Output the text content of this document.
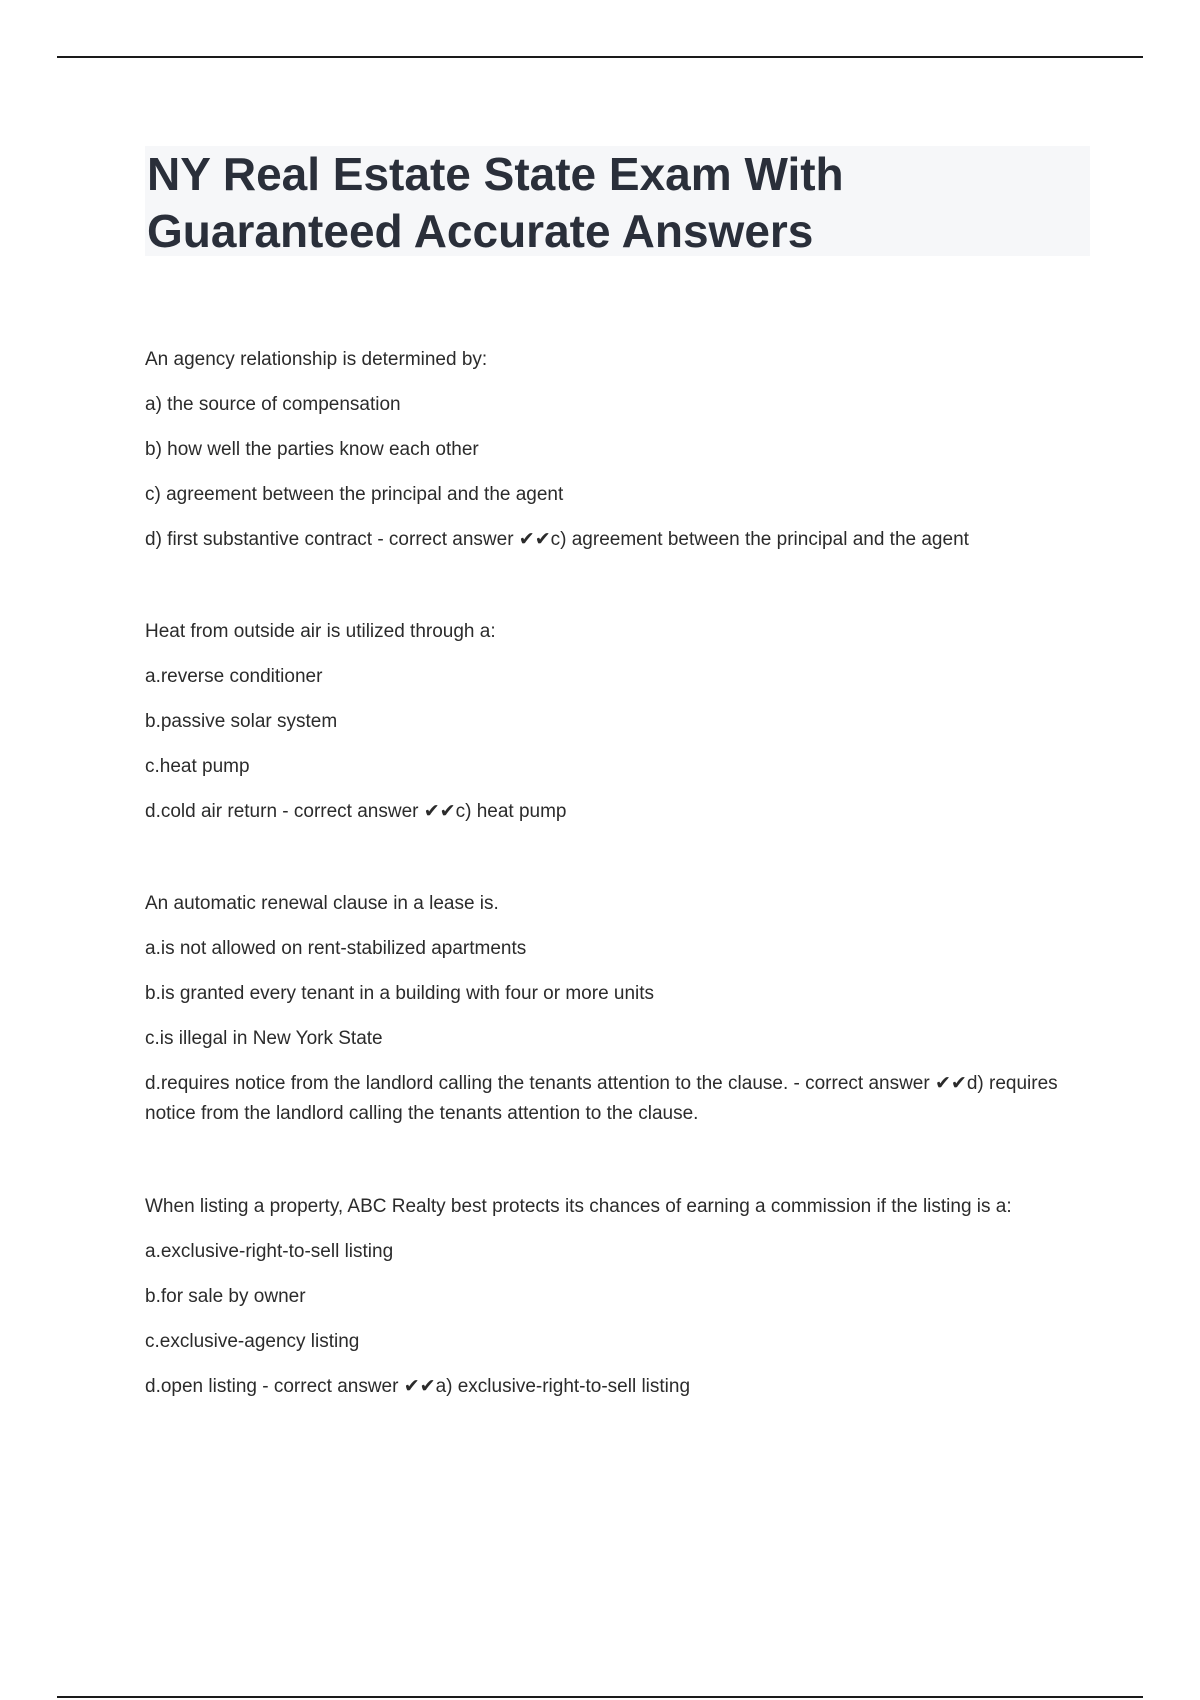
NY Real Estate State Exam With Guaranteed Accurate Answers
An agency relationship is determined by:
a) the source of compensation
b) how well the parties know each other
c) agreement between the principal and the agent
d) first substantive contract - correct answer ✔✔c) agreement between the principal and the agent
Heat from outside air is utilized through a:
a.reverse conditioner
b.passive solar system
c.heat pump
d.cold air return - correct answer ✔✔c) heat pump
An automatic renewal clause in a lease is.
a.is not allowed on rent-stabilized apartments
b.is granted every tenant in a building with four or more units
c.is illegal in New York State
d.requires notice from the landlord calling the tenants attention to the clause. - correct answer ✔✔d) requires notice from the landlord calling the tenants attention to the clause.
When listing a property, ABC Realty best protects its chances of earning a commission if the listing is a:
a.exclusive-right-to-sell listing
b.for sale by owner
c.exclusive-agency listing
d.open listing - correct answer ✔✔a) exclusive-right-to-sell listing
